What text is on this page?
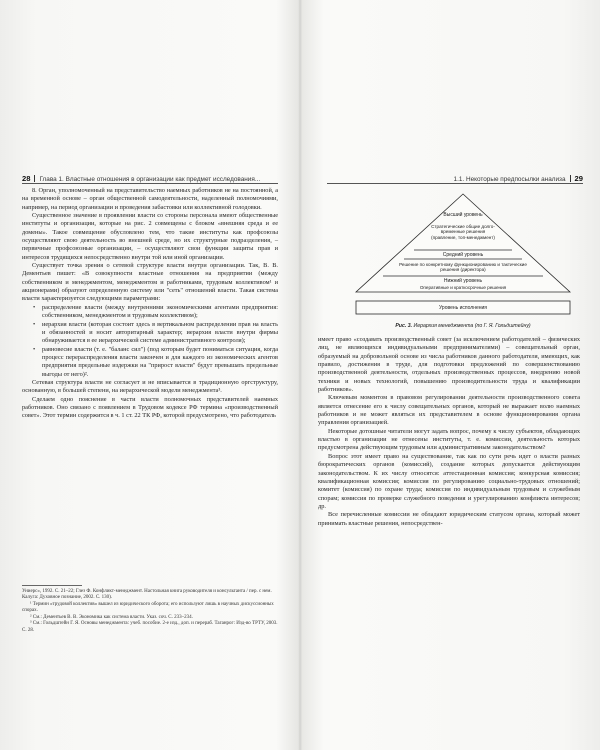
28 Глава 1. Властные отношения в организации как предмет исследования...

8. Орган, уполномоченный на представительство наемных работников не на постоянной, а на временной основе – орган общественной самодеятельности, наделенный полномочиями, например, на период организации и проведения забастовки или коллективной голодовки.

Существенное значение в проявлении власти со стороны персонала имеют общественные институты и организации, которые на рис. 2 совмещены с блоком «внешняя среда и ее домены». Такое совмещение обусловлено тем, что такие институты как профсоюзы осуществляют свою деятельность во внешней среде, но их структурные подразделения, – первичные профсоюзные организации, – осуществляют свои функции защиты прав и интересов трудящихся непосредственно внутри той или иной организации.

Существует точка зрения о сетевой структуре власти внутри организации. Так, В. В. Дементьев пишет: «В совокупности властные отношения на предприятии (между собственником и менеджментом, менеджментом и работниками, трудовым коллективом¹ и акционерами) образуют определенную систему или "сеть" отношений власти. Такая система власти характеризуется следующими параметрами:

• распределение власти (между внутренними экономическими агентами предприятия: собственником, менеджментом и трудовым коллективом);
• иерархия власти (которая состоит здесь в вертикальном распределении прав на власть и обязанностей и носит авторитарный характер; иерархия власти внутри фирмы обнаруживается в ее иерархической системе административного контроля);
• равновесие власти (т. е. "баланс сил") (под которым будет пониматься ситуация, когда процесс перераспределения власти закончен и для каждого из экономических агентов предприятия предельные издержки на "прирост власти" будут превышать предельные выгоды от него)².

Сетевая структура власти не согласует и не вписывается в традиционную оргструктуру, основанную, в большей степени, на иерархической модели менеджмента³.

Сделаем одно пояснение в части власти полномочных представителей наемных работников. Оно связано с появлением в Трудовом кодексе РФ термина «производственный совет». Этот термин содержится в ч. 1 ст. 22 ТК РФ, которой предусмотрено, что работодатель

Униерс», 1992. С. 21–22; Глез Ф. Конфликт-менеджмент. Настольная книга руководителя и консультанта / пер. с нем. Калуга: Духовное познание, 2002. С. 130).

¹ Термин «трудовой коллектив» вышел из юридического оборота; его используют лишь в научных дискуссионных спорах.

² См.: Дементьев В. В. Экономика как система власти. Указ. соч. С. 233–234.

³ См.: Гольдштейн Г. Я. Основы менеджмента: учеб. пособие. 2-е изд., доп. и перераб. Таганрог: Изд-во ТРТУ, 2003. С. 28.

1.1. Некоторые предпосылки анализа 29
Высший уровень
Стратегические общие долго-временные решения (правление, топ-менеджмент)
Средний уровень
Решение по конкретному функционированию и тактические решения (директора)
Нижний уровень
Оперативные и краткосрочные решения
Уровень исполнения
Рис. 3. Иерархия менеджмента (по Г. Я. Гольдштейну)

имеет право «создавать производственный совет (за исключением работодателей – физических лиц, не являющихся индивидуальными предпринимателями) – совещательный орган, образуемый на добровольной основе из числа работников данного работодателя, имеющих, как правило, достижения в труде, для подготовки предложений по совершенствованию производственной деятельности, отдельных производственных процессов, внедрению новой техники и новых технологий, повышению производительности труда и квалификации работников».

Ключевым моментом в правовом регулировании деятельности производственного совета является отнесение его к числу совещательных органов, который не выражает волю наемных работников и не может являться их представителем в основе функционирования органа управления организацией.

Некоторые дотошные читатели могут задать вопрос, почему к числу субъектов, обладающих властью в организации не отнесены институты, т. е. комиссии, деятельность которых предусмотрена действующим трудовым или административным законодательством?

Вопрос этот имеет право на существование, так как по сути речь идет о власти разных бюрократических органов (комиссий), создание которых допускается действующим законодательством. К их числу относятся: аттестационная комиссия; конкурсная комиссия; квалификационная комиссия; комиссия по регулированию социально-трудовых отношений; комитет (комиссия) по охране труда; комиссия по индивидуальным трудовым и служебным спорам; комиссия по проверке служебного поведения и урегулированию конфликта интересов; др.

Все перечисленные комиссии не обладают юридическим статусом органа, который может принимать властные решения, непосредствен-
